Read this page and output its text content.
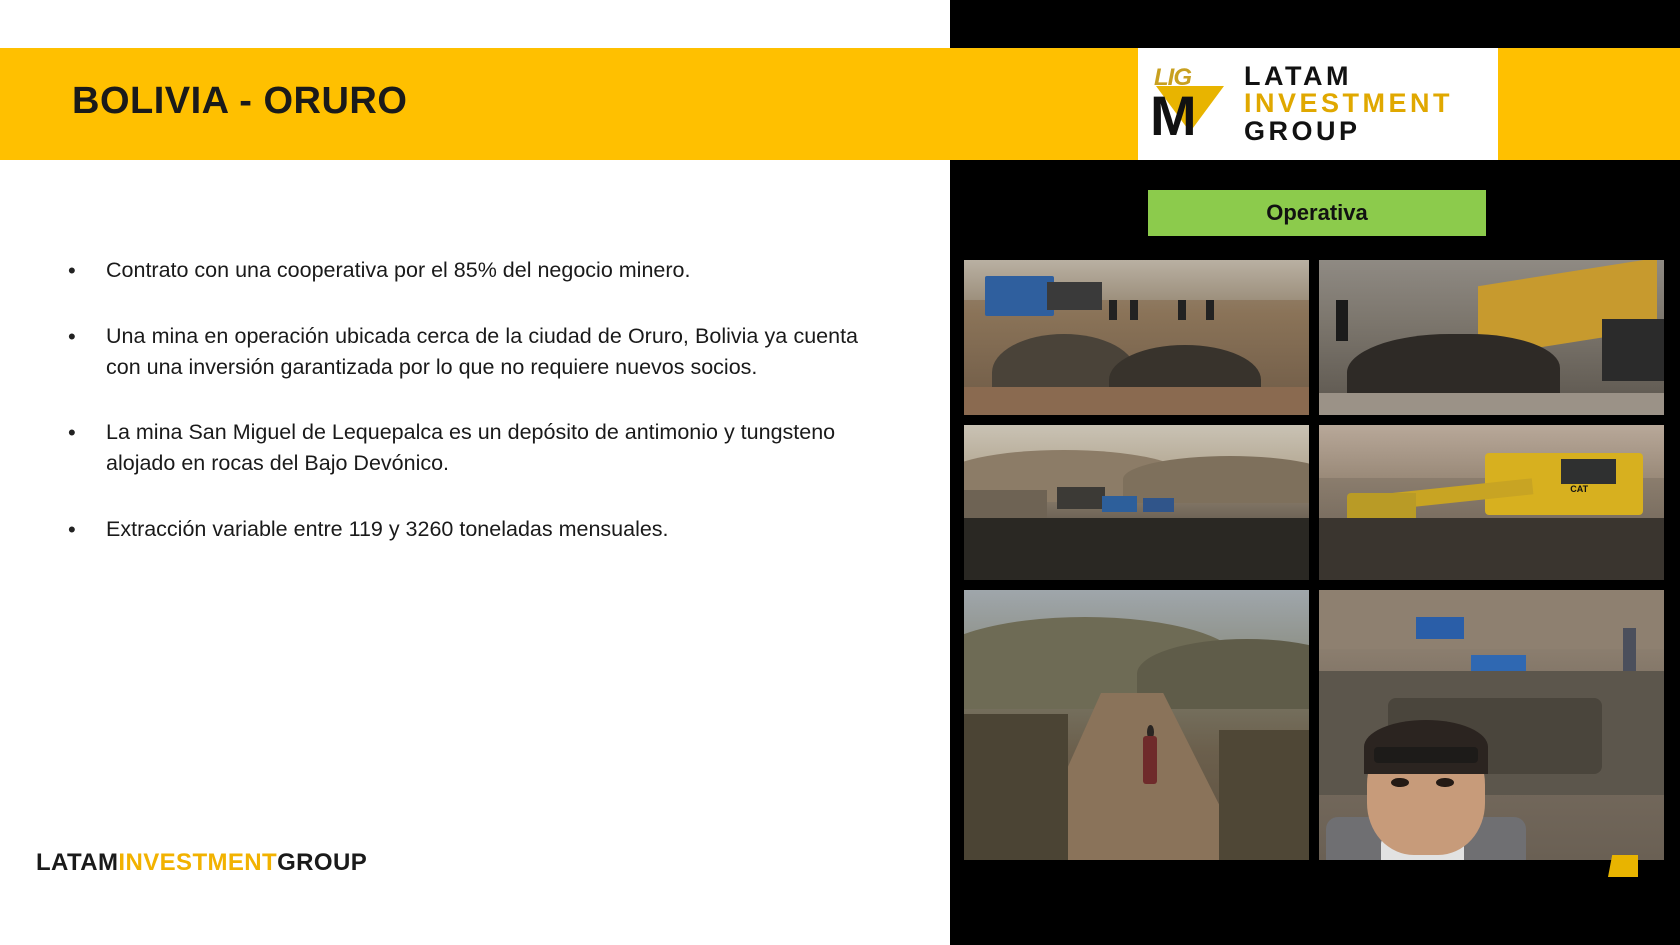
BOLIVIA - ORURO
LIG
M
LATAM
INVESTMENT
GROUP
•	Contrato con una cooperativa por el 85% del negocio minero.
•	Una mina en operación ubicada cerca de la ciudad de Oruro, Bolivia ya cuenta con una inversión garantizada por lo que no requiere nuevos socios.
•	La mina San Miguel de Lequepalca es un depósito de antimonio y tungsteno alojado en rocas del Bajo Devónico.
•	Extracción variable entre 119 y 3260 toneladas mensuales.
Operativa
CAT
LATAMINVESTMENTGROUP
